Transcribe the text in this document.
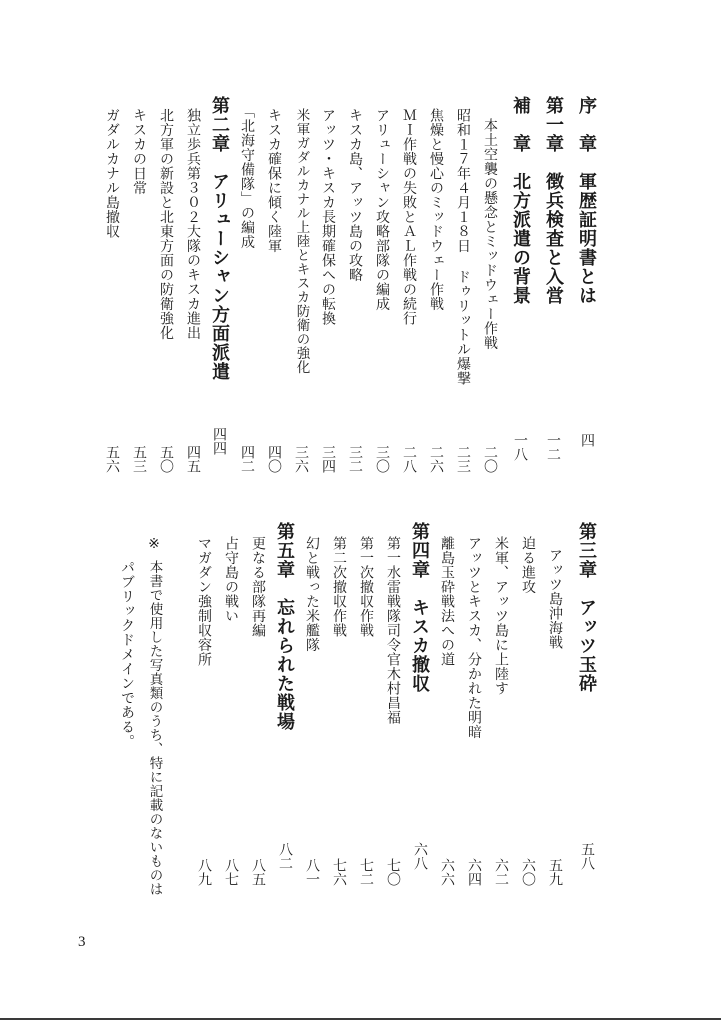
序　章　軍歴証明書とは
四
第一章　徴兵検査と入営
一二
補　章　北方派遣の背景
一八
本土空襲の懸念とミッドウェー作戦
二〇
昭和１７年４月１８日 ドゥリットル爆撃
二三
焦燥と慢心のミッドウェー作戦
二六
ＭＩ作戦の失敗とＡＬ作戦の続行
二八
アリューシャン攻略部隊の編成
三〇
キスカ島、アッツ島の攻略
三二
アッツ・キスカ長期確保への転換
三四
米軍ガダルカナル上陸とキスカ防衛の強化
三六
キスカ確保に傾く陸軍
四〇
「北海守備隊」の編成
四二
第二章　アリューシャン方面派遣
四四
独立歩兵第３０２大隊のキスカ進出
四五
北方軍の新設と北東方面の防衛強化
五〇
キスカの日常
五三
ガダルカナル島撤収
五六
第三章　アッツ玉砕
五八
アッツ島沖海戦
五九
迫る進攻
六〇
米軍、アッツ島に上陸す
六二
アッツとキスカ、分かれた明暗
六四
離島玉砕戦法への道
六六
第四章　キスカ撤収
六八
第一水雷戦隊司令官木村昌福
七〇
第一次撤収作戦
七二
第二次撤収作戦
七六
幻と戦った米艦隊
八一
第五章　忘れられた戦場
八二
更なる部隊再編
八五
占守島の戦い
八七
マガダン強制収容所
八九
※
本書で使用した写真類のうち、特に記載のないものは
パブリックドメインである。
3
